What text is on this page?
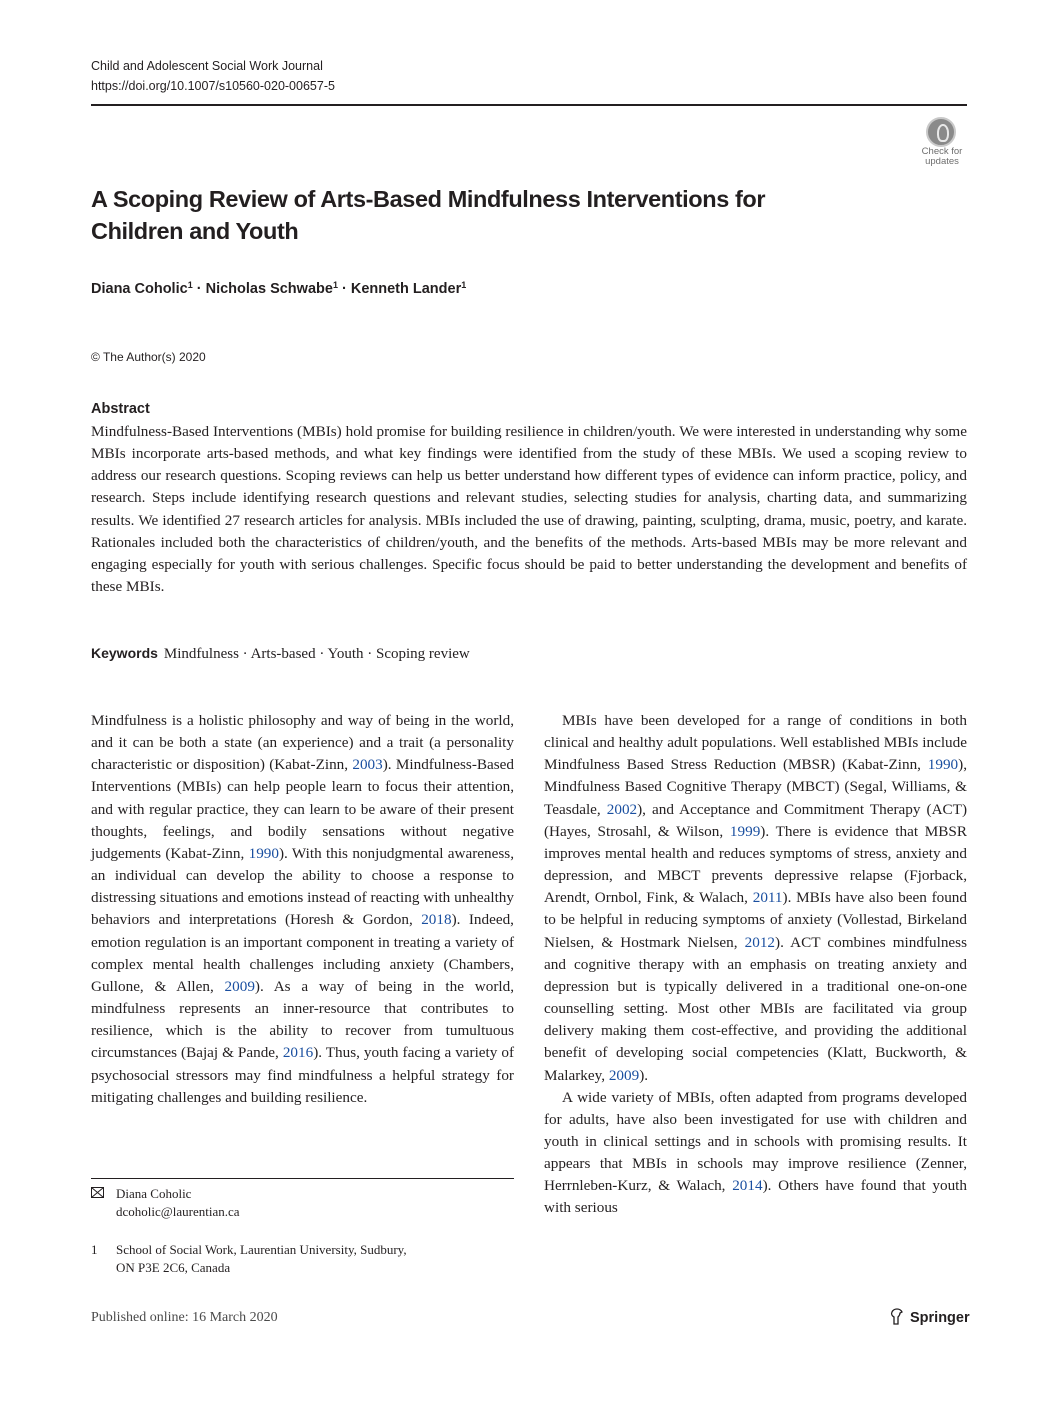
Child and Adolescent Social Work Journal
https://doi.org/10.1007/s10560-020-00657-5
Check for
updates
A Scoping Review of Arts-Based Mindfulness Interventions for Children and Youth
Diana Coholic$^1$ · Nicholas Schwabe$^1$ · Kenneth Lander$^1$
© The Author(s) 2020
Abstract
Mindfulness-Based Interventions (MBIs) hold promise for building resilience in children/youth. We were interested in understanding why some MBIs incorporate arts-based methods, and what key findings were identified from the study of these MBIs. We used a scoping review to address our research questions. Scoping reviews can help us better understand how different types of evidence can inform practice, policy, and research. Steps include identifying research questions and relevant studies, selecting studies for analysis, charting data, and summarizing results. We identified 27 research articles for analysis. MBIs included the use of drawing, painting, sculpting, drama, music, poetry, and karate. Rationales included both the characteristics of children/youth, and the benefits of the methods. Arts-based MBIs may be more relevant and engaging especially for youth with serious challenges. Specific focus should be paid to better understanding the development and benefits of these MBIs.
Keywords Mindfulness · Arts-based · Youth · Scoping review

Mindfulness is a holistic philosophy and way of being in the world, and it can be both a state (an experience) and a trait (a personality characteristic or disposition) (Kabat-Zinn, 2003). Mindfulness-Based Interventions (MBIs) can help people learn to focus their attention, and with regular practice, they can learn to be aware of their present thoughts, feelings, and bodily sensations without negative judgements (Kabat-Zinn, 1990). With this nonjudgmental awareness, an individual can develop the ability to choose a response to distressing situations and emotions instead of reacting with unhealthy behaviors and interpretations (Horesh & Gordon, 2018). Indeed, emotion regulation is an important component in treating a variety of complex mental health challenges including anxiety (Chambers, Gullone, & Allen, 2009). As a way of being in the world, mindfulness represents an inner-resource that contributes to resilience, which is the ability to recover from tumultuous circumstances (Bajaj & Pande, 2016). Thus, youth facing a variety of psychosocial stressors may find mindfulness a helpful strategy for mitigating challenges and building resilience.

MBIs have been developed for a range of conditions in both clinical and healthy adult populations. Well established MBIs include Mindfulness Based Stress Reduction (MBSR) (Kabat-Zinn, 1990), Mindfulness Based Cognitive Therapy (MBCT) (Segal, Williams, & Teasdale, 2002), and Acceptance and Commitment Therapy (ACT) (Hayes, Strosahl, & Wilson, 1999). There is evidence that MBSR improves mental health and reduces symptoms of stress, anxiety and depression, and MBCT prevents depressive relapse (Fjorback, Arendt, Ornbol, Fink, & Walach, 2011). MBIs have also been found to be helpful in reducing symptoms of anxiety (Vollestad, Birkeland Nielsen, & Hostmark Nielsen, 2012). ACT combines mindfulness and cognitive therapy with an emphasis on treating anxiety and depression but is typically delivered in a traditional one-on-one counselling setting. Most other MBIs are facilitated via group delivery making them cost-effective, and providing the additional benefit of developing social competencies (Klatt, Buckworth, & Malarkey, 2009).

A wide variety of MBIs, often adapted from programs developed for adults, have also been investigated for use with children and youth in clinical settings and in schools with promising results. It appears that MBIs in schools may improve resilience (Zenner, Herrnleben-Kurz, & Walach, 2014). Others have found that youth with serious

Diana Coholic
dcoholic@laurentian.ca
1 School of Social Work, Laurentian University, Sudbury,
ON P3E 2C6, Canada
Published online: 16 March 2020	Springer
